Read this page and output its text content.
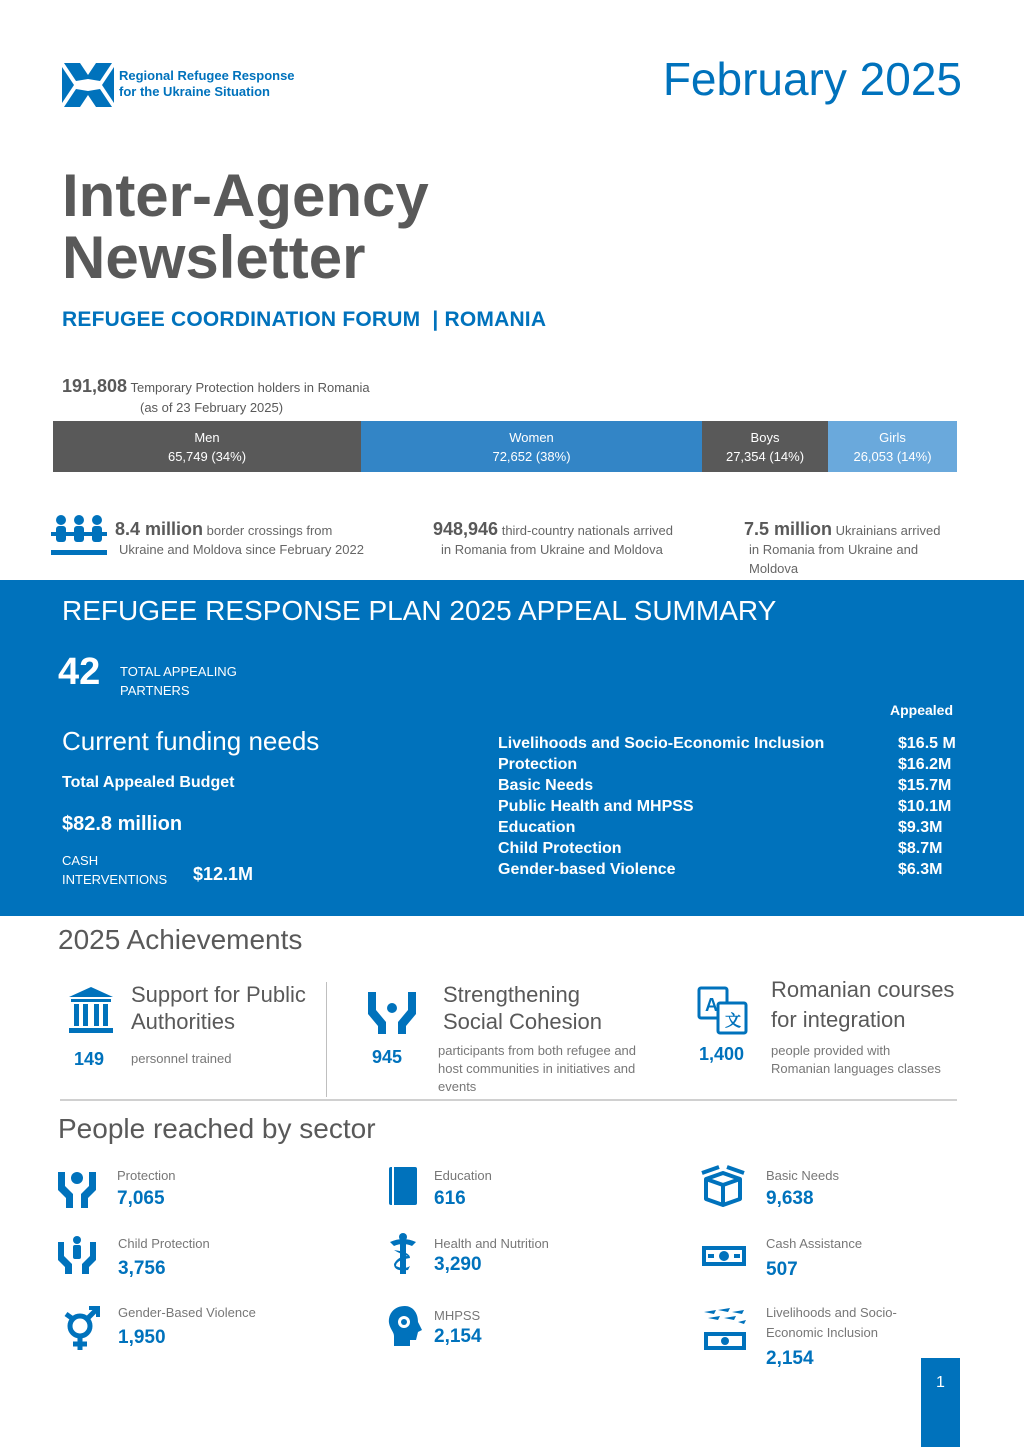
Regional Refugee Response
for the Ukraine Situation	February 2025
Inter-Agency
Newsletter
REFUGEE COORDINATION FORUM  | ROMANIA
191,808 Temporary Protection holders in Romania
(as of 23 February 2025)
Men
65,749 (34%)
Women
72,652 (38%)
Boys
27,354 (14%)
Girls
26,053 (14%)
8.4 million border crossings from
Ukraine and Moldova since February 2022
948,946 third-country nationals arrived
in Romania from Ukraine and Moldova
7.5 million Ukrainians arrived
in Romania from Ukraine and
Moldova
REFUGEE RESPONSE PLAN 2025 APPEAL SUMMARY
42 TOTAL APPEALING
PARTNERS
Appealed
Current funding needs
Total Appealed Budget
$82.8 million
CASH
INTERVENTIONS $12.1M
Livelihoods and Socio-Economic Inclusion	$16.5 M
Protection	$16.2M
Basic Needs	$15.7M
Public Health and MHPSS	$10.1M
Education	$9.3M
Child Protection	$8.7M
Gender-based Violence	$6.3M
2025 Achievements
Support for Public
Authorities
149 personnel trained
Strengthening
Social Cohesion
945	participants from both refugee and
host communities in initiatives and
events
A
文
Romanian courses
for integration
1,400 people provided with
Romanian languages classes
People reached by sector
Protection
7,065
Child Protection
3,756
Gender-Based Violence
1,950
Education
616
Health and Nutrition
3,290
MHPSS
2,154
Basic Needs
9,638
Cash Assistance
507
Livelihoods and Socio-
Economic Inclusion
2,154
1
